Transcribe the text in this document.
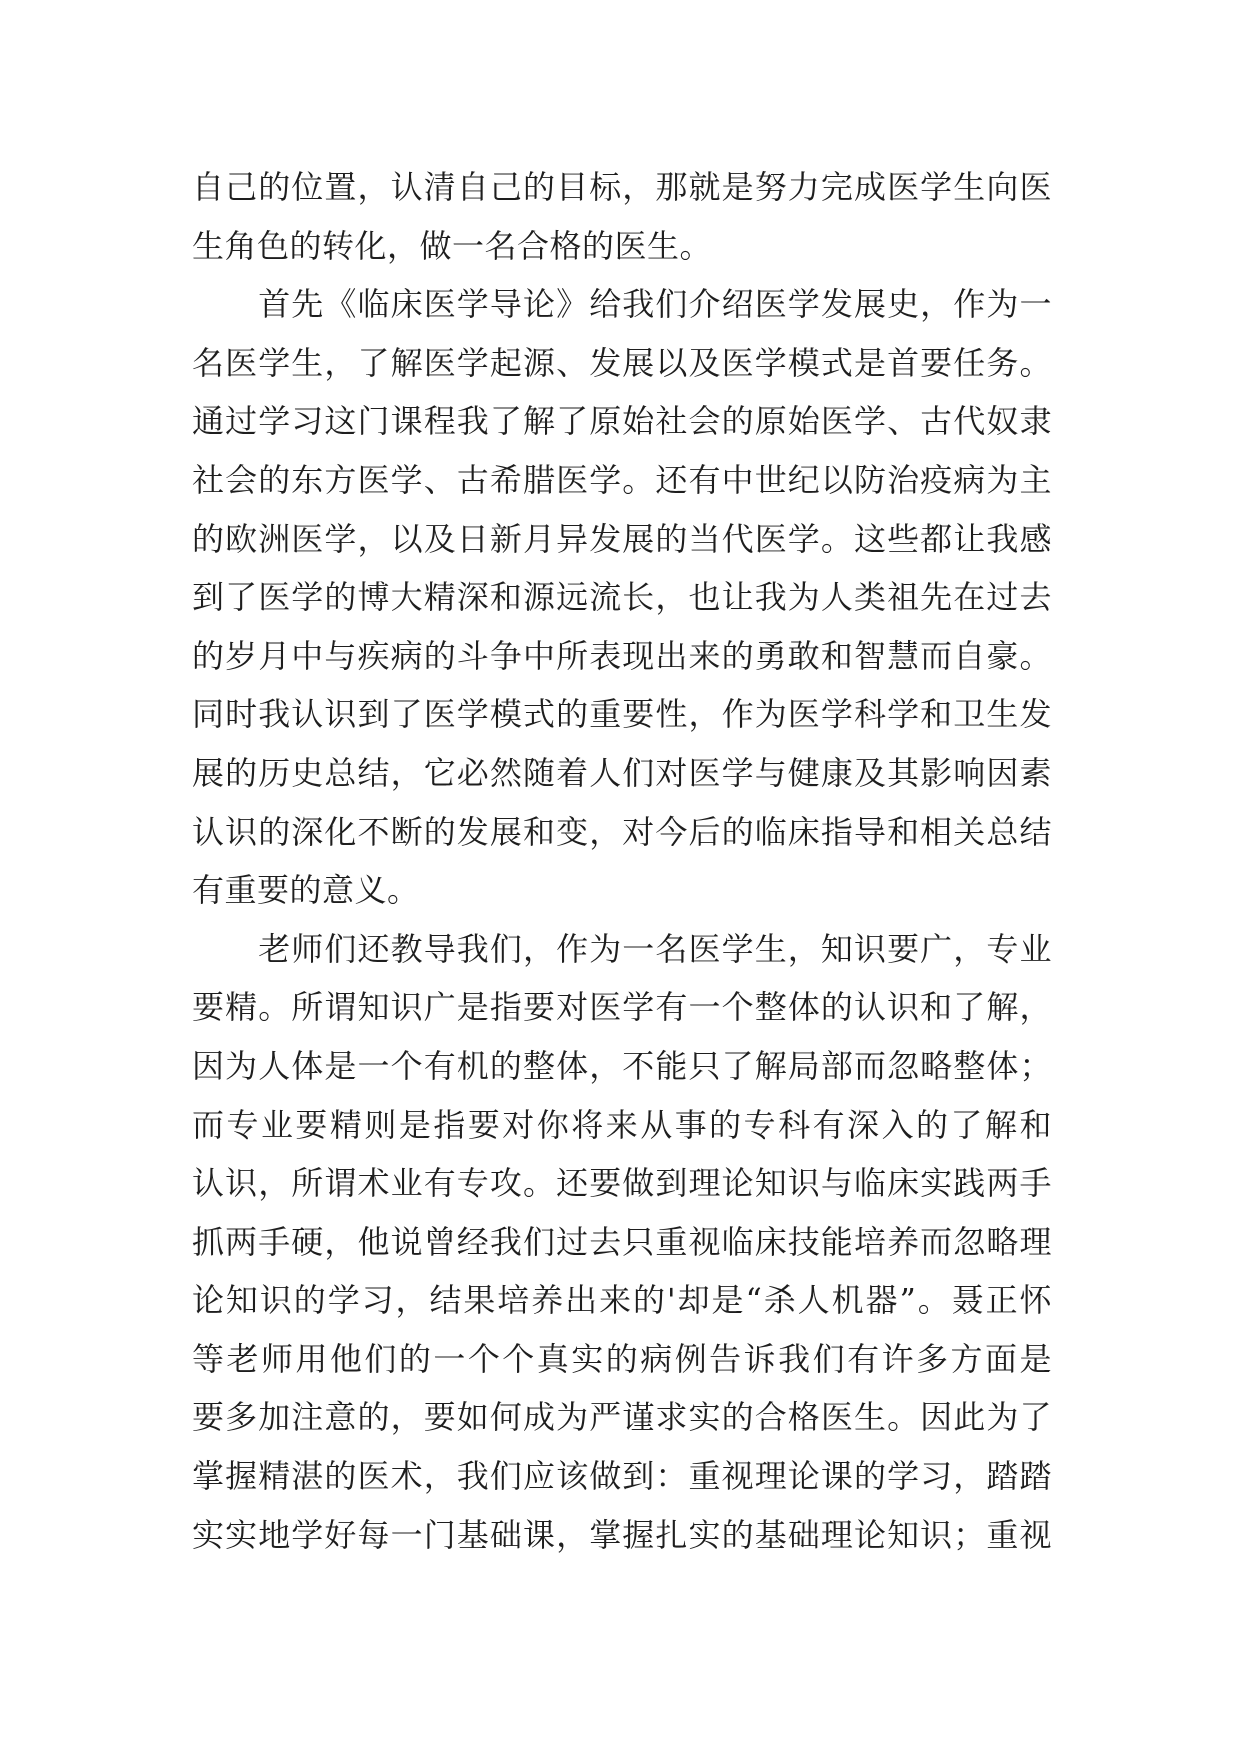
自己的位置，认清自己的目标，那就是努力完成医学生向医
生角色的转化，做一名合格的医生。
　　首先《临床医学导论》给我们介绍医学发展史，作为一
名医学生，了解医学起源、发展以及医学模式是首要任务。
通过学习这门课程我了解了原始社会的原始医学、古代奴隶
社会的东方医学、古希腊医学。还有中世纪以防治疫病为主
的欧洲医学，以及日新月异发展的当代医学。这些都让我感
到了医学的博大精深和源远流长，也让我为人类祖先在过去
的岁月中与疾病的斗争中所表现出来的勇敢和智慧而自豪。
同时我认识到了医学模式的重要性，作为医学科学和卫生发
展的历史总结，它必然随着人们对医学与健康及其影响因素
认识的深化不断的发展和变，对今后的临床指导和相关总结
有重要的意义。
　　老师们还教导我们，作为一名医学生，知识要广，专业
要精。所谓知识广是指要对医学有一个整体的认识和了解，
因为人体是一个有机的整体，不能只了解局部而忽略整体；
而专业要精则是指要对你将来从事的专科有深入的了解和
认识，所谓术业有专攻。还要做到理论知识与临床实践两手
抓两手硬，他说曾经我们过去只重视临床技能培养而忽略理
论知识的学习，结果培养出来的'却是“杀人机器”。聂正怀
等老师用他们的一个个真实的病例告诉我们有许多方面是
要多加注意的，要如何成为严谨求实的合格医生。因此为了
掌握精湛的医术，我们应该做到：重视理论课的学习，踏踏
实实地学好每一门基础课，掌握扎实的基础理论知识；重视
